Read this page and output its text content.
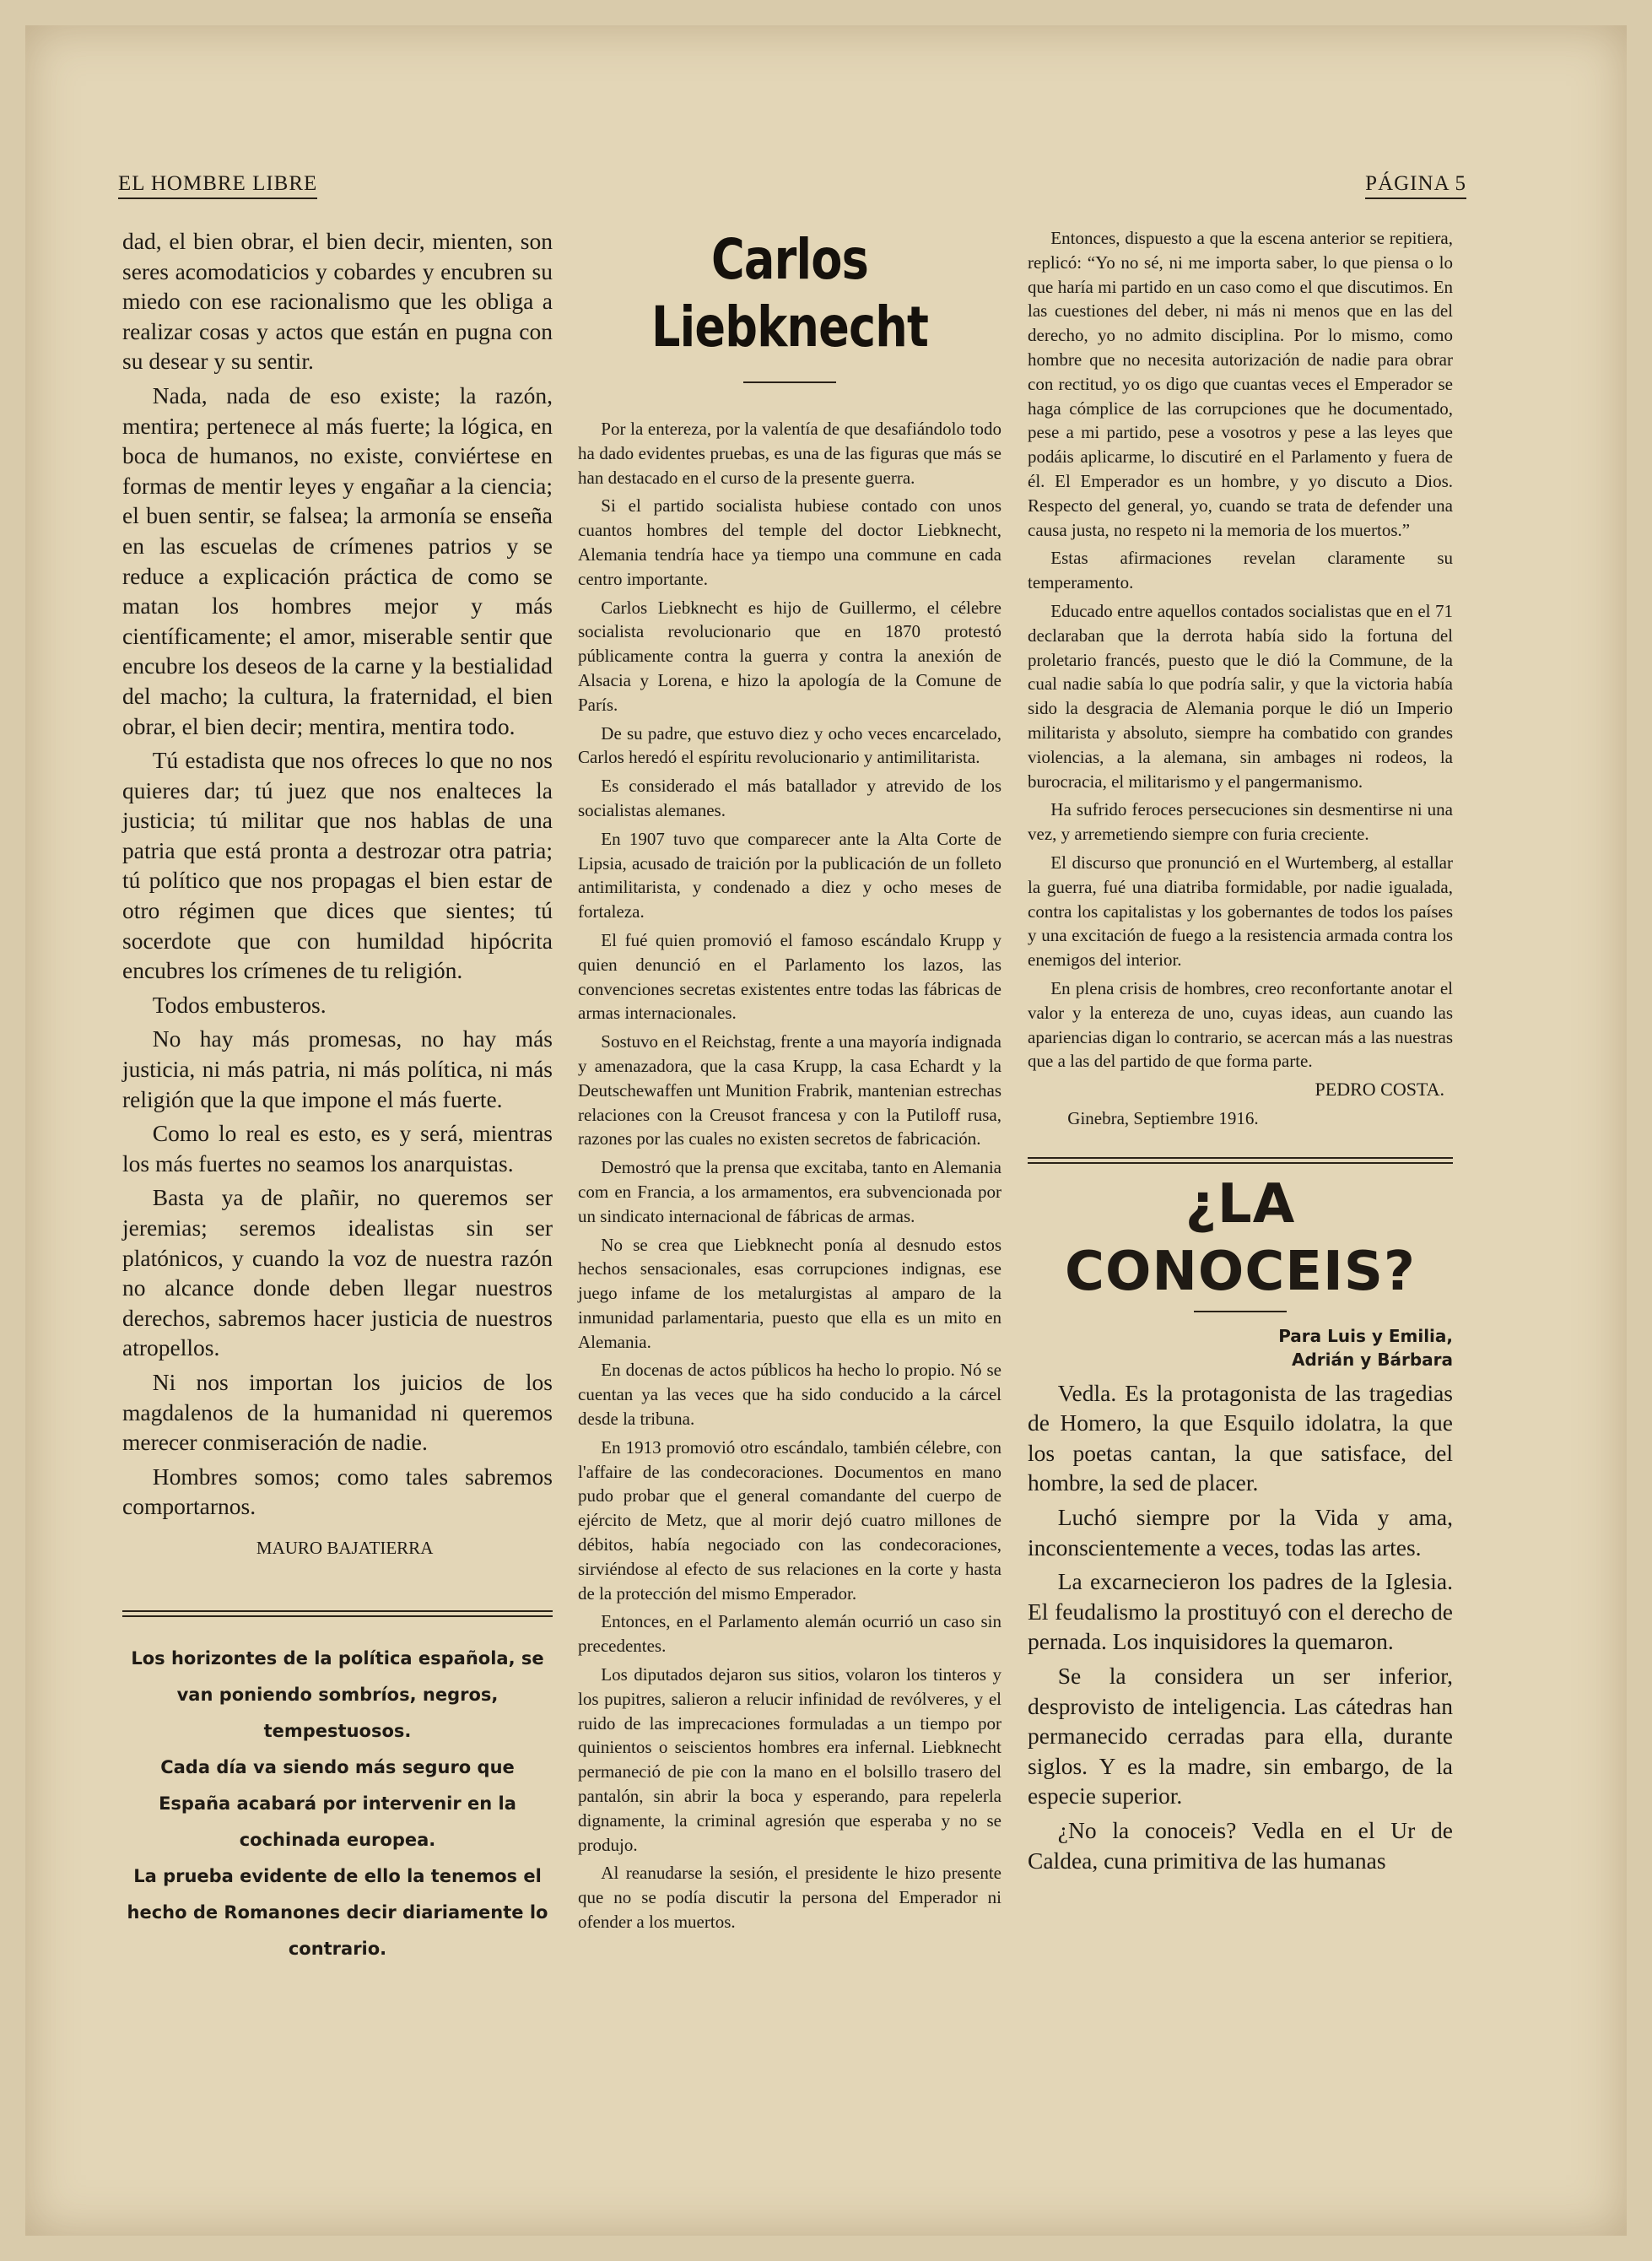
EL HOMBRE LIBRE	PÁGINA 5

dad, el bien obrar, el bien decir, mienten, son seres acomodaticios y cobardes y encubren su miedo con ese racionalismo que les obliga a realizar cosas y actos que están en pugna con su desear y su sentir.

Nada, nada de eso existe; la razón, mentira; pertenece al más fuerte; la lógica, en boca de humanos, no existe, conviértese en formas de mentir leyes y engañar a la ciencia; el buen sentir, se falsea; la armonía se enseña en las escuelas de crímenes patrios y se reduce a explicación práctica de como se matan los hombres mejor y más científicamente; el amor, miserable sentir que encubre los deseos de la carne y la bestialidad del macho; la cultura, la fraternidad, el bien obrar, el bien decir; mentira, mentira todo.

Tú estadista que nos ofreces lo que no nos quieres dar; tú juez que nos enalteces la justicia; tú militar que nos hablas de una patria que está pronta a destrozar otra patria; tú político que nos propagas el bien estar de otro régimen que dices que sientes; tú socerdote que con humildad hipócrita encubres los crímenes de tu religión.

Todos embusteros.

No hay más promesas, no hay más justicia, ni más patria, ni más política, ni más religión que la que impone el más fuerte.

Como lo real es esto, es y será, mientras los más fuertes no seamos los anarquistas.

Basta ya de plañir, no queremos ser jeremias; seremos idealistas sin ser platónicos, y cuando la voz de nuestra razón no alcance donde deben llegar nuestros derechos, sabremos hacer justicia de nuestros atropellos.

Ni nos importan los juicios de los magdalenos de la humanidad ni queremos merecer conmiseración de nadie.

Hombres somos; como tales sabremos comportarnos.

MAURO BAJATIERRA

Los horizontes de la política española, se van poniendo sombríos, negros, tempestuosos.
Cada día va siendo más seguro que España acabará por intervenir en la cochinada europea.
La prueba evidente de ello la tenemos el hecho de Romanones decir diariamente lo contrario.
Carlos Liebknecht

Por la entereza, por la valentía de que desafiándolo todo ha dado evidentes pruebas, es una de las figuras que más se han destacado en el curso de la presente guerra.

Si el partido socialista hubiese contado con unos cuantos hombres del temple del doctor Liebknecht, Alemania tendría hace ya tiempo una commune en cada centro importante.

Carlos Liebknecht es hijo de Guillermo, el célebre socialista revolucionario que en 1870 protestó públicamente contra la guerra y contra la anexión de Alsacia y Lorena, e hizo la apología de la Comune de París.

De su padre, que estuvo diez y ocho veces encarcelado, Carlos heredó el espíritu revolucionario y antimilitarista.

Es considerado el más batallador y atrevido de los socialistas alemanes.

En 1907 tuvo que comparecer ante la Alta Corte de Lipsia, acusado de traición por la publicación de un folleto antimilitarista, y condenado a diez y ocho meses de fortaleza.

El fué quien promovió el famoso escándalo Krupp y quien denunció en el Parlamento los lazos, las convenciones secretas existentes entre todas las fábricas de armas internacionales.

Sostuvo en el Reichstag, frente a una mayoría indignada y amenazadora, que la casa Krupp, la casa Echardt y la Deutschewaffen unt Munition Frabrik, mantenian estrechas relaciones con la Creusot francesa y con la Putiloff rusa, razones por las cuales no existen secretos de fabricación.

Demostró que la prensa que excitaba, tanto en Alemania com en Francia, a los armamentos, era subvencionada por un sindicato internacional de fábricas de armas.

No se crea que Liebknecht ponía al desnudo estos hechos sensacionales, esas corrupciones indignas, ese juego infame de los metalurgistas al amparo de la inmunidad parlamentaria, puesto que ella es un mito en Alemania.

En docenas de actos públicos ha hecho lo propio. Nó se cuentan ya las veces que ha sido conducido a la cárcel desde la tribuna.

En 1913 promovió otro escándalo, también célebre, con l'affaire de las condecoraciones. Documentos en mano pudo probar que el general comandante del cuerpo de ejército de Metz, que al morir dejó cuatro millones de débitos, había negociado con las condecoraciones, sirviéndose al efecto de sus relaciones en la corte y hasta de la protección del mismo Emperador.

Entonces, en el Parlamento alemán ocurrió un caso sin precedentes.

Los diputados dejaron sus sitios, volaron los tinteros y los pupitres, salieron a relucir infinidad de revólveres, y el ruido de las imprecaciones formuladas a un tiempo por quinientos o seiscientos hombres era infernal. Liebknecht permaneció de pie con la mano en el bolsillo trasero del pantalón, sin abrir la boca y esperando, para repelerla dignamente, la criminal agresión que esperaba y no se produjo.

Al reanudarse la sesión, el presidente le hizo presente que no se podía discutir la persona del Emperador ni ofender a los muertos.

Entonces, dispuesto a que la escena anterior se repitiera, replicó: “Yo no sé, ni me importa saber, lo que piensa o lo que haría mi partido en un caso como el que discutimos. En las cuestiones del deber, ni más ni menos que en las del derecho, yo no admito disciplina. Por lo mismo, como hombre que no necesita autorización de nadie para obrar con rectitud, yo os digo que cuantas veces el Emperador se haga cómplice de las corrupciones que he documentado, pese a mi partido, pese a vosotros y pese a las leyes que podáis aplicarme, lo discutiré en el Parlamento y fuera de él. El Emperador es un hombre, y yo discuto a Dios. Respecto del general, yo, cuando se trata de defender una causa justa, no respeto ni la memoria de los muertos.”

Estas afirmaciones revelan claramente su temperamento.

Educado entre aquellos contados socialistas que en el 71 declaraban que la derrota había sido la fortuna del proletario francés, puesto que le dió la Commune, de la cual nadie sabía lo que podría salir, y que la victoria había sido la desgracia de Alemania porque le dió un Imperio militarista y absoluto, siempre ha combatido con grandes violencias, a la alemana, sin ambages ni rodeos, la burocracia, el militarismo y el pangermanismo.

Ha sufrido feroces persecuciones sin desmentirse ni una vez, y arremetiendo siempre con furia creciente.

El discurso que pronunció en el Wurtemberg, al estallar la guerra, fué una diatriba formidable, por nadie igualada, contra los capitalistas y los gobernantes de todos los países y una excitación de fuego a la resistencia armada contra los enemigos del interior.

En plena crisis de hombres, creo reconfortante anotar el valor y la entereza de uno, cuyas ideas, aun cuando las apariencias digan lo contrario, se acercan más a las nuestras que a las del partido de que forma parte.

PEDRO COSTA.

Ginebra, Septiembre 1916.

¿LA CONOCEIS?
Para Luis y Emilia,
Adrián y Bárbara

Vedla. Es la protagonista de las tragedias de Homero, la que Esquilo idolatra, la que los poetas cantan, la que satisface, del hombre, la sed de placer.

Luchó siempre por la Vida y ama, inconscientemente a veces, todas las artes.

La excarnecieron los padres de la Iglesia. El feudalismo la prostituyó con el derecho de pernada. Los inquisidores la quemaron.

Se la considera un ser inferior, desprovisto de inteligencia. Las cátedras han permanecido cerradas para ella, durante siglos. Y es la madre, sin embargo, de la especie superior.

¿No la conoceis? Vedla en el Ur de Caldea, cuna primitiva de las humanas
